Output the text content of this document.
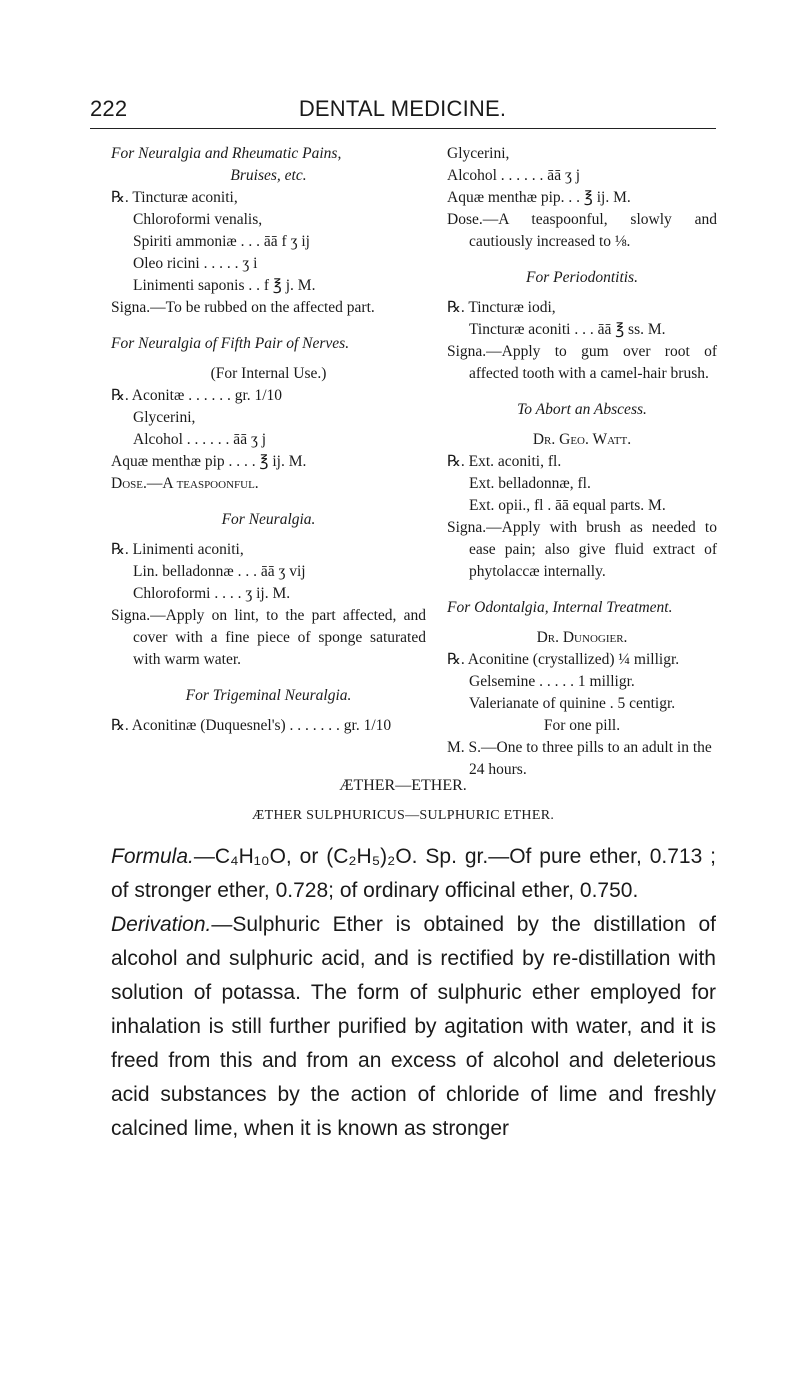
222	DENTAL MEDICINE.
For Neuralgia and Rheumatic Pains,
Bruises, etc.
℞. Tincturæ aconiti,
Chloroformi venalis,
Spiriti ammoniæ . . . āā f ʒ ij
Oleo ricini . . . . . ʒ i
Linimenti saponis . . f ℥ j. M.
Signa.—To be rubbed on the affected part.
For Neuralgia of Fifth Pair of Nerves.
(For Internal Use.)
℞. Aconitæ . . . . . . gr. 1/10
Glycerini,
Alcohol . . . . . . āā ʒ j
Aquæ menthæ pip . . . . ℥ ij. M.
Dose.—A teaspoonful.
For Neuralgia.
℞. Linimenti aconiti,
Lin. belladonnæ . . . āā ʒ vij
Chloroformi . . . . ʒ ij. M.
Signa.—Apply on lint, to the part affected, and cover with a fine piece of sponge saturated with warm water.
For Trigeminal Neuralgia.
℞. Aconitinæ (Duquesnel's) . . . . . . . gr. 1/10
Glycerini,
Alcohol . . . . . . āā ʒ j
Aquæ menthæ pip. . . ℥ ij. M.
Dose.—A teaspoonful, slowly and cautiously increased to ⅛.
For Periodontitis.
℞. Tincturæ iodi,
Tincturæ aconiti . . . āā ℥ ss. M.
Signa.—Apply to gum over root of affected tooth with a camel-hair brush.
To Abort an Abscess.
Dr. Geo. Watt.
℞. Ext. aconiti, fl.
Ext. belladonnæ, fl.
Ext. opii., fl . āā equal parts. M.
Signa.—Apply with brush as needed to ease pain; also give fluid extract of phytolaccæ internally.
For Odontalgia, Internal Treatment.
Dr. Dunogier.
℞. Aconitine (crystallized) ¼ milligr.
Gelsemine . . . . . 1 milligr.
Valerianate of quinine . 5 centigr.
For one pill.
M. S.—One to three pills to an adult in the 24 hours.
ÆTHER—ETHER.
ÆTHER SULPHURICUS—SULPHURIC ETHER.

Formula.—C₄H₁₀O, or (C₂H₅)₂O. Sp. gr.—Of pure ether, 0.713 ; of stronger ether, 0.728; of ordinary officinal ether, 0.750.

Derivation.—Sulphuric Ether is obtained by the distillation of alcohol and sulphuric acid, and is rectified by re-distillation with solution of potassa. The form of sulphuric ether employed for inhalation is still further purified by agitation with water, and it is freed from this and from an excess of alcohol and deleterious acid substances by the action of chloride of lime and freshly calcined lime, when it is known as stronger
